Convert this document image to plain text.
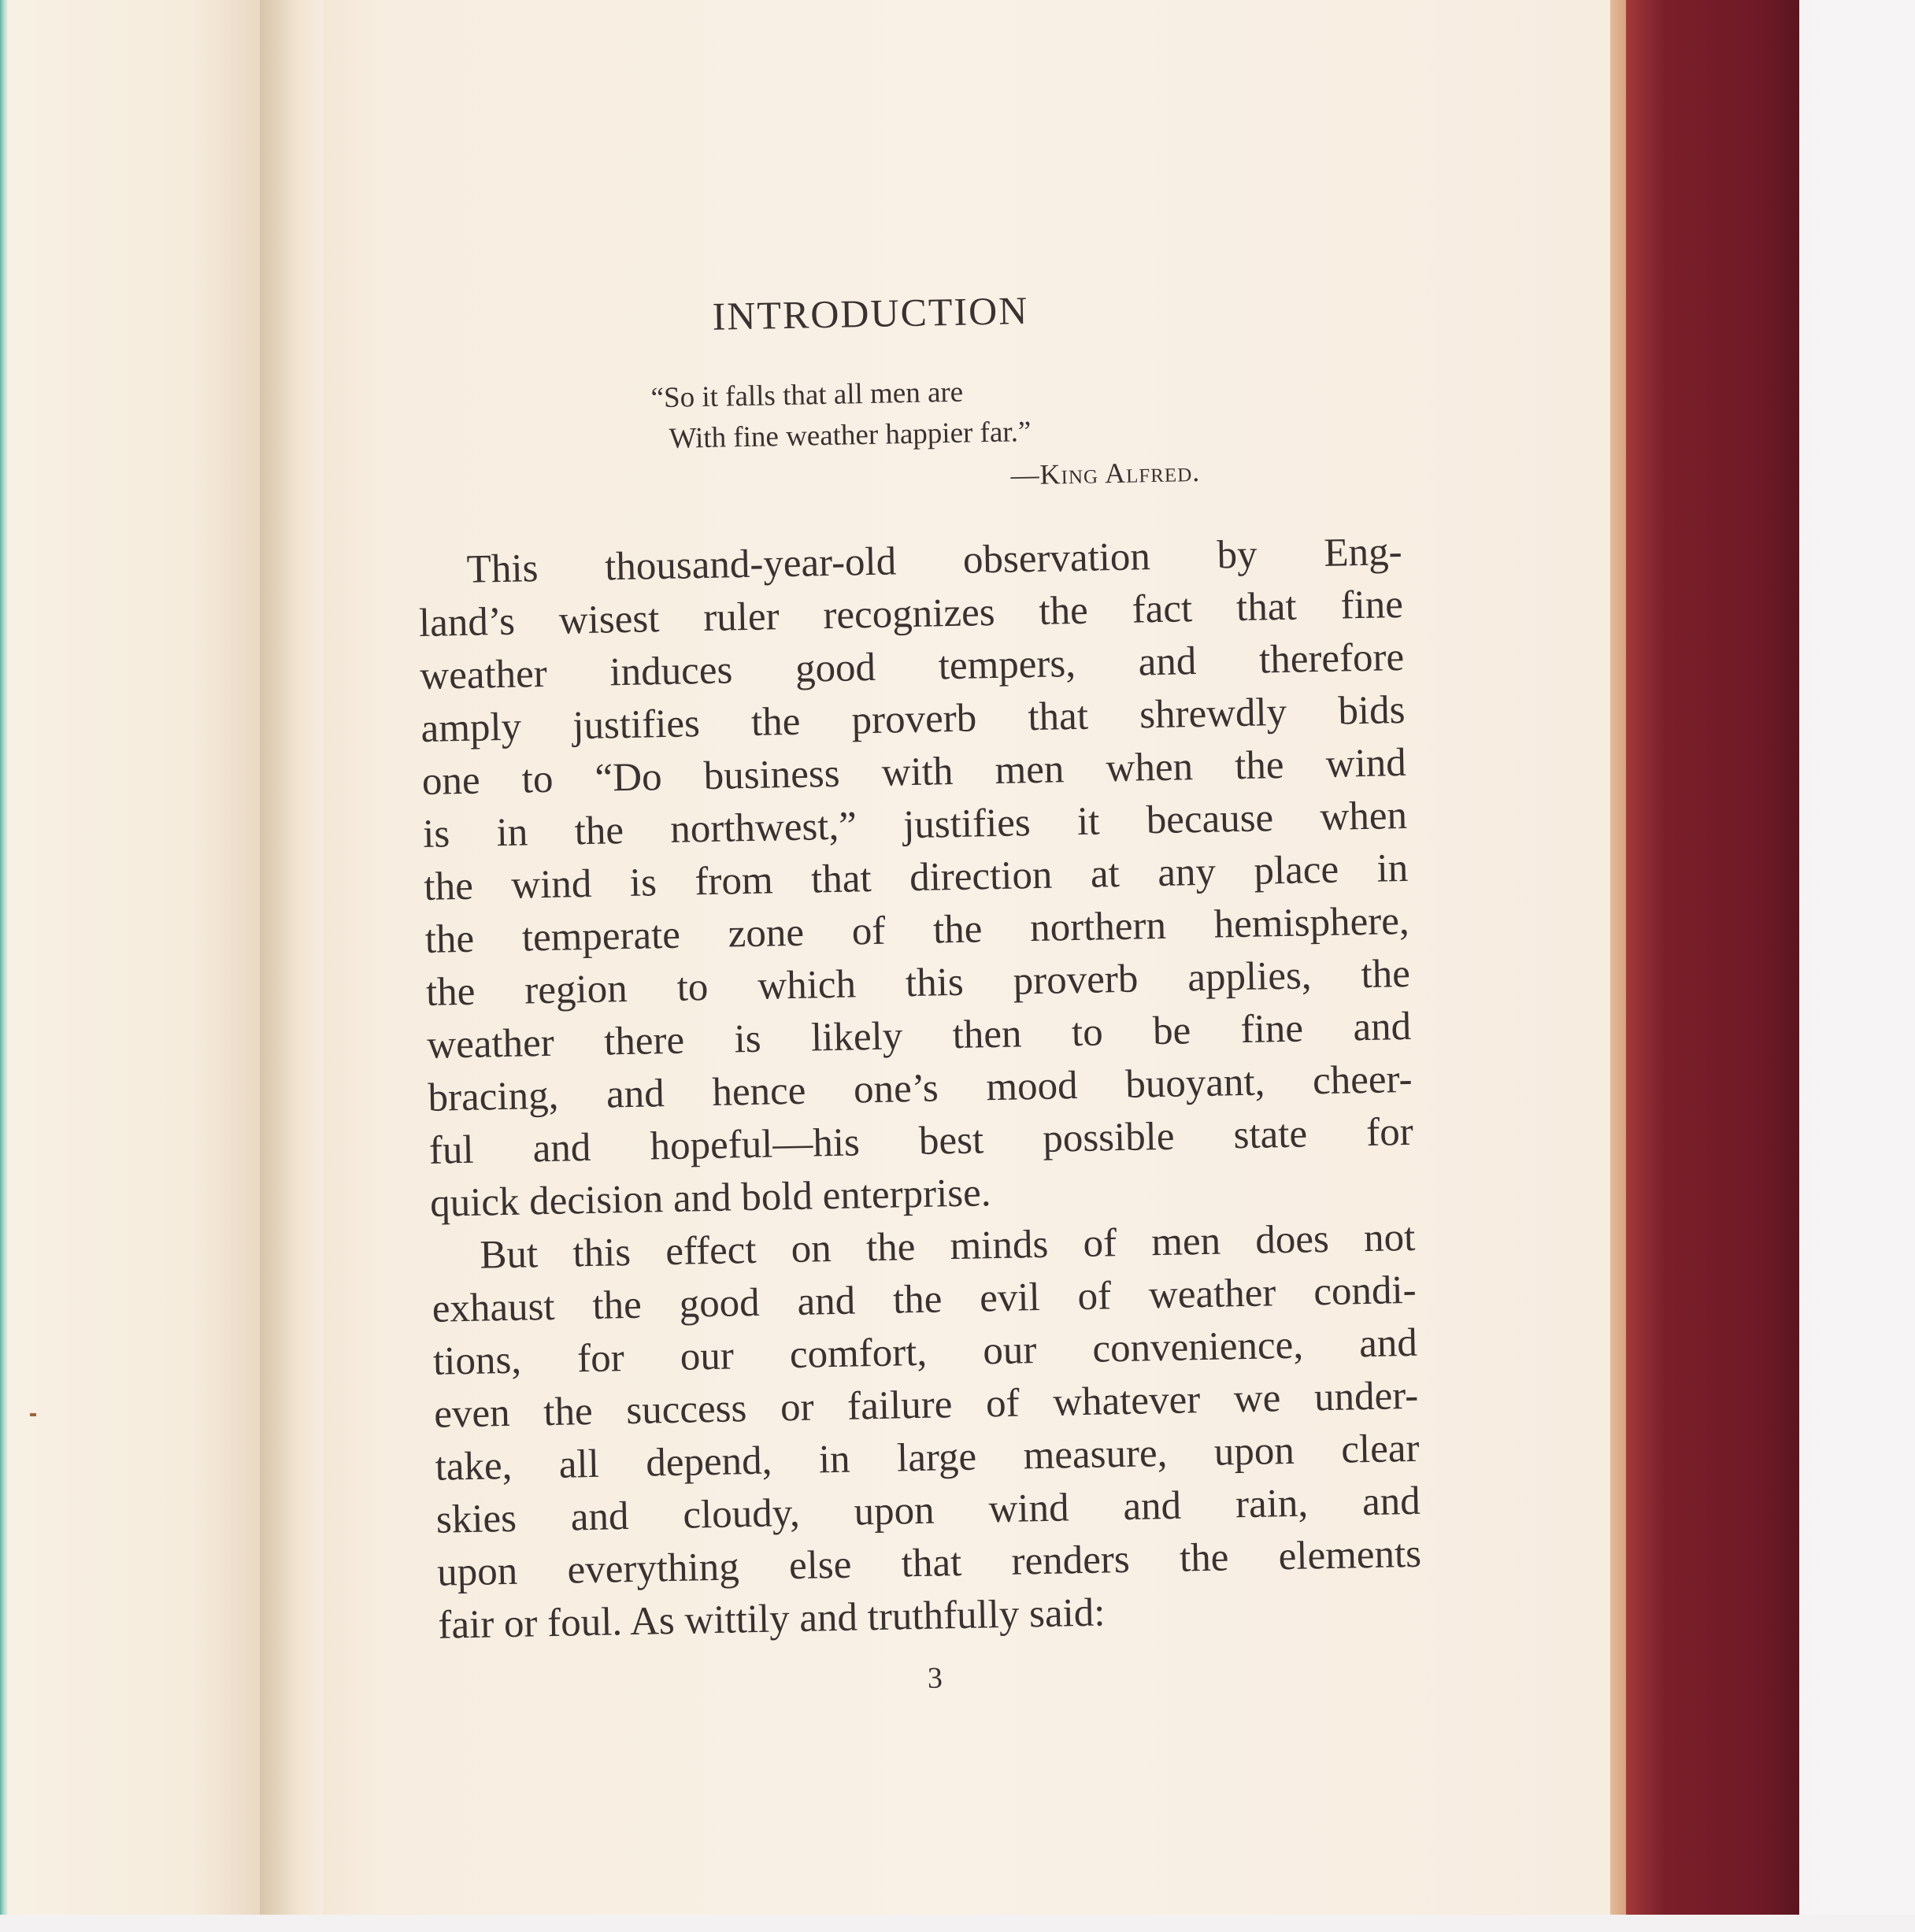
INTRODUCTION
“So it falls that all men are
With fine weather happier far.”
—King Alfred.
This thousand-year-old observation by Eng-
land’s wisest ruler recognizes the fact that fine
weather induces good tempers, and therefore
amply justifies the proverb that shrewdly bids
one to “Do business with men when the wind
is in the northwest,” justifies it because when
the wind is from that direction at any place in
the temperate zone of the northern hemisphere,
the region to which this proverb applies, the
weather there is likely then to be fine and
bracing, and hence one’s mood buoyant, cheer-
ful and hopeful—his best possible state for
quick decision and bold enterprise.
But this effect on the minds of men does not
exhaust the good and the evil of weather condi-
tions, for our comfort, our convenience, and
even the success or failure of whatever we under-
take, all depend, in large measure, upon clear
skies and cloudy, upon wind and rain, and
upon everything else that renders the elements
fair or foul. As wittily and truthfully said:
3
